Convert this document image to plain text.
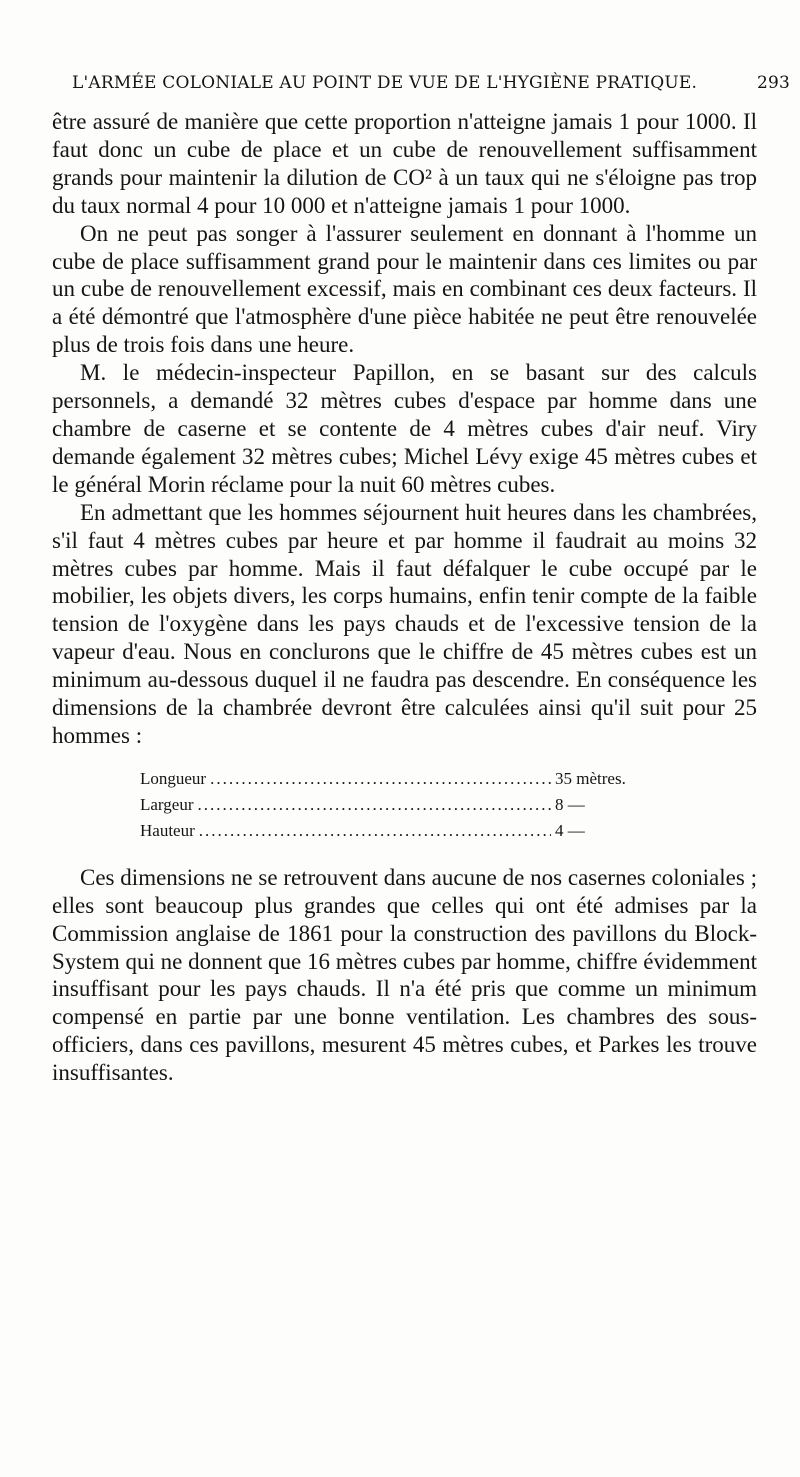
L'ARMÉE COLONIALE AU POINT DE VUE DE L'HYGIÈNE PRATIQUE.	293

être assuré de manière que cette proportion n'atteigne jamais 1 pour 1000. Il faut donc un cube de place et un cube de renouvellement suffisamment grands pour maintenir la dilution de CO² à un taux qui ne s'éloigne pas trop du taux normal 4 pour 10 000 et n'atteigne jamais 1 pour 1000.

On ne peut pas songer à l'assurer seulement en donnant à l'homme un cube de place suffisamment grand pour le maintenir dans ces limites ou par un cube de renouvellement excessif, mais en combinant ces deux facteurs. Il a été démontré que l'atmosphère d'une pièce habitée ne peut être renouvelée plus de trois fois dans une heure.

M. le médecin-inspecteur Papillon, en se basant sur des calculs personnels, a demandé 32 mètres cubes d'espace par homme dans une chambre de caserne et se contente de 4 mètres cubes d'air neuf. Viry demande également 32 mètres cubes; Michel Lévy exige 45 mètres cubes et le général Morin réclame pour la nuit 60 mètres cubes.

En admettant que les hommes séjournent huit heures dans les chambrées, s'il faut 4 mètres cubes par heure et par homme il faudrait au moins 32 mètres cubes par homme. Mais il faut défalquer le cube occupé par le mobilier, les objets divers, les corps humains, enfin tenir compte de la faible tension de l'oxygène dans les pays chauds et de l'excessive tension de la vapeur d'eau. Nous en conclurons que le chiffre de 45 mètres cubes est un minimum au-dessous duquel il ne faudra pas descendre. En conséquence les dimensions de la chambrée devront être calculées ainsi qu'il suit pour 25 hommes :

Longueur .....	35 mètres.
Largeur .....	8 —
Hauteur .....	4 —

Ces dimensions ne se retrouvent dans aucune de nos casernes coloniales ; elles sont beaucoup plus grandes que celles qui ont été admises par la Commission anglaise de 1861 pour la construction des pavillons du Block-System qui ne donnent que 16 mètres cubes par homme, chiffre évidemment insuffisant pour les pays chauds. Il n'a été pris que comme un minimum compensé en partie par une bonne ventilation. Les chambres des sous-officiers, dans ces pavillons, mesurent 45 mètres cubes, et Parkes les trouve insuffisantes.
